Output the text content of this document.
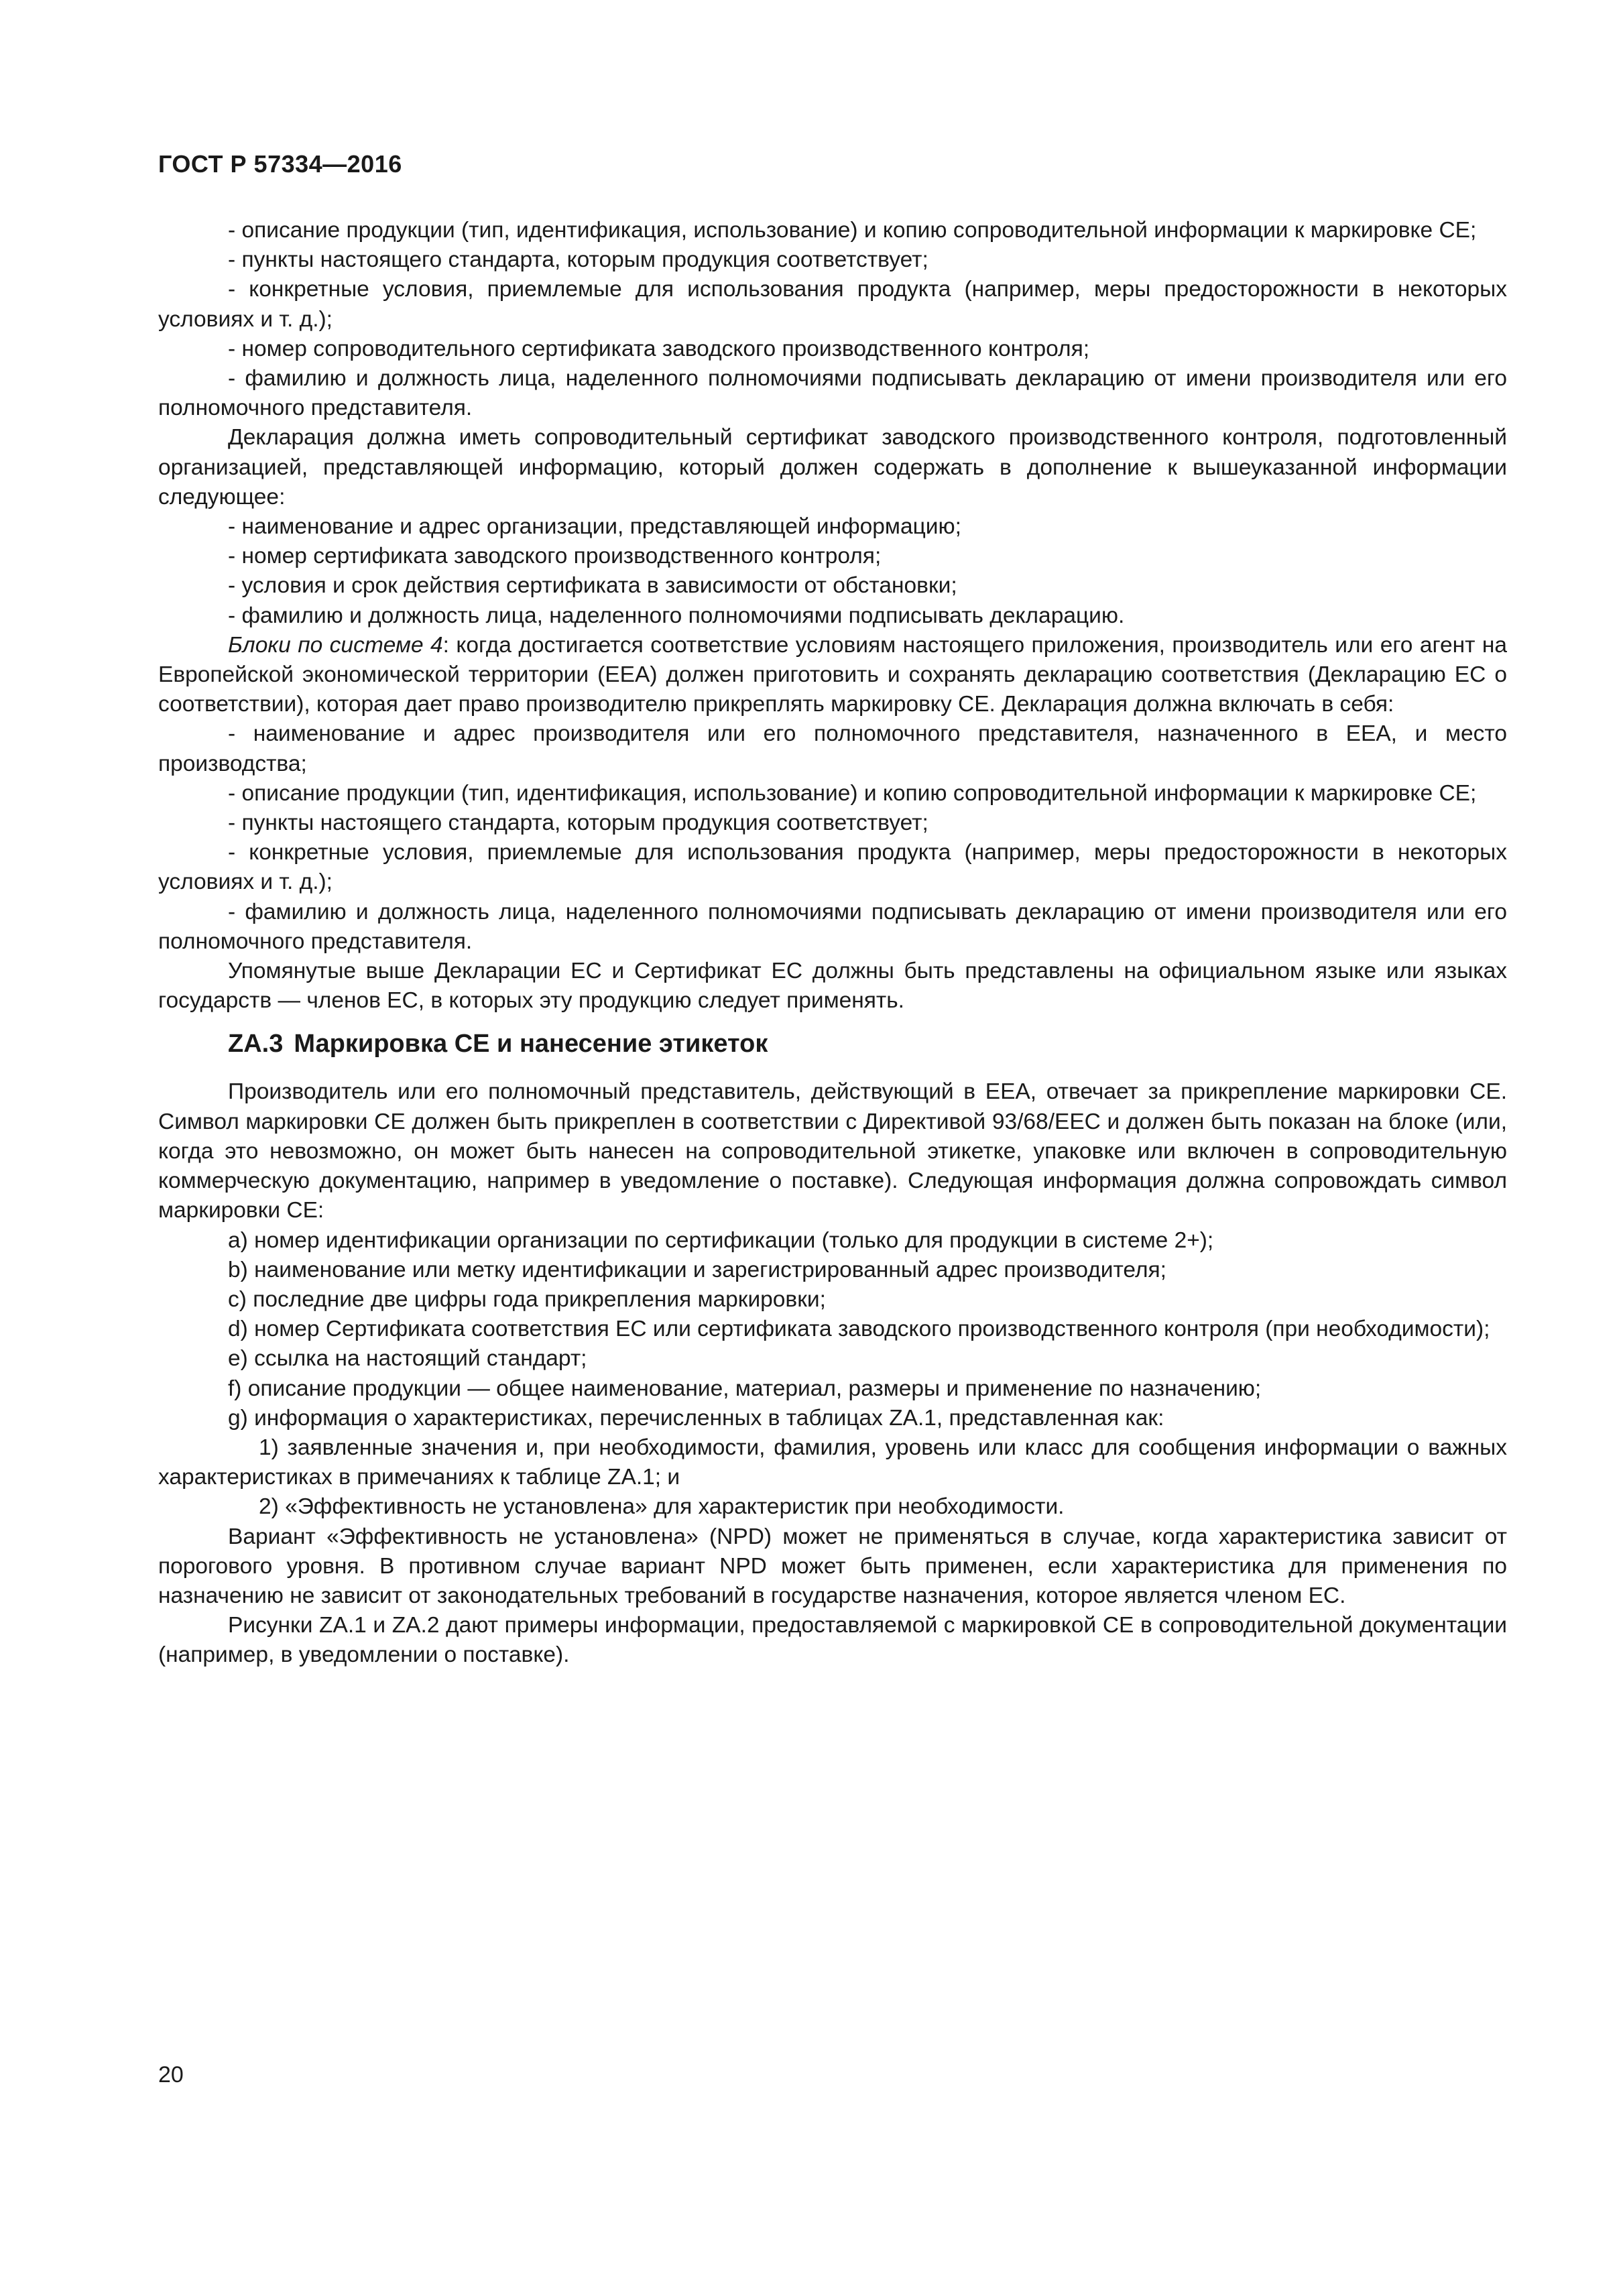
ГОСТ Р 57334—2016

- описание продукции (тип, идентификация, использование) и копию сопроводительной информации к маркировке СЕ;

- пункты настоящего стандарта, которым продукция соответствует;

- конкретные условия, приемлемые для использования продукта (например, меры предосторожности в некоторых условиях и т. д.);

- номер сопроводительного сертификата заводского производственного контроля;

- фамилию и должность лица, наделенного полномочиями подписывать декларацию от имени производителя или его полномочного представителя.

Декларация должна иметь сопроводительный сертификат заводского производственного контроля, подготовленный организацией, представляющей информацию, который должен содержать в дополнение к вышеуказанной информации следующее:

- наименование и адрес организации, представляющей информацию;

- номер сертификата заводского производственного контроля;

- условия и срок действия сертификата в зависимости от обстановки;

- фамилию и должность лица, наделенного полномочиями подписывать декларацию.

Блоки по системе 4: когда достигается соответствие условиям настоящего приложения, производитель или его агент на Европейской экономической территории (EEA) должен приготовить и сохранять декларацию соответствия (Декларацию ЕС о соответствии), которая дает право производителю прикреплять маркировку СЕ. Декларация должна включать в себя:

- наименование и адрес производителя или его полномочного представителя, назначенного в EEA, и место производства;

- описание продукции (тип, идентификация, использование) и копию сопроводительной информации к маркировке СЕ;

- пункты настоящего стандарта, которым продукция соответствует;

- конкретные условия, приемлемые для использования продукта (например, меры предосторожности в некоторых условиях и т. д.);

- фамилию и должность лица, наделенного полномочиями подписывать декларацию от имени производителя или его полномочного представителя.

Упомянутые выше Декларации ЕС и Сертификат ЕС должны быть представлены на официальном языке или языках государств — членов ЕС, в которых эту продукцию следует применять.

ZA.3 Маркировка СЕ и нанесение этикеток

Производитель или его полномочный представитель, действующий в EEA, отвечает за прикрепление маркировки СЕ. Символ маркировки СЕ должен быть прикреплен в соответствии с Директивой 93/68/EEC и должен быть показан на блоке (или, когда это невозможно, он может быть нанесен на сопроводительной этикетке, упаковке или включен в сопроводительную коммерческую документацию, например в уведомление о поставке). Следующая информация должна сопровождать символ маркировки СЕ:

a) номер идентификации организации по сертификации (только для продукции в системе 2+);

b) наименование или метку идентификации и зарегистрированный адрес производителя;

c) последние две цифры года прикрепления маркировки;

d) номер Сертификата соответствия ЕС или сертификата заводского производственного контроля (при необходимости);

e) ссылка на настоящий стандарт;

f) описание продукции — общее наименование, материал, размеры и применение по назначению;

g) информация о характеристиках, перечисленных в таблицах ZA.1, представленная как:

1) заявленные значения и, при необходимости, фамилия, уровень или класс для сообщения информации о важных характеристиках в примечаниях к таблице ZA.1; и

2) «Эффективность не установлена» для характеристик при необходимости.

Вариант «Эффективность не установлена» (NPD) может не применяться в случае, когда характеристика зависит от порогового уровня. В противном случае вариант NPD может быть применен, если характеристика для применения по назначению не зависит от законодательных требований в государстве назначения, которое является членом ЕС.

Рисунки ZA.1 и ZA.2 дают примеры информации, предоставляемой с маркировкой СЕ в сопроводительной документации (например, в уведомлении о поставке).

20
